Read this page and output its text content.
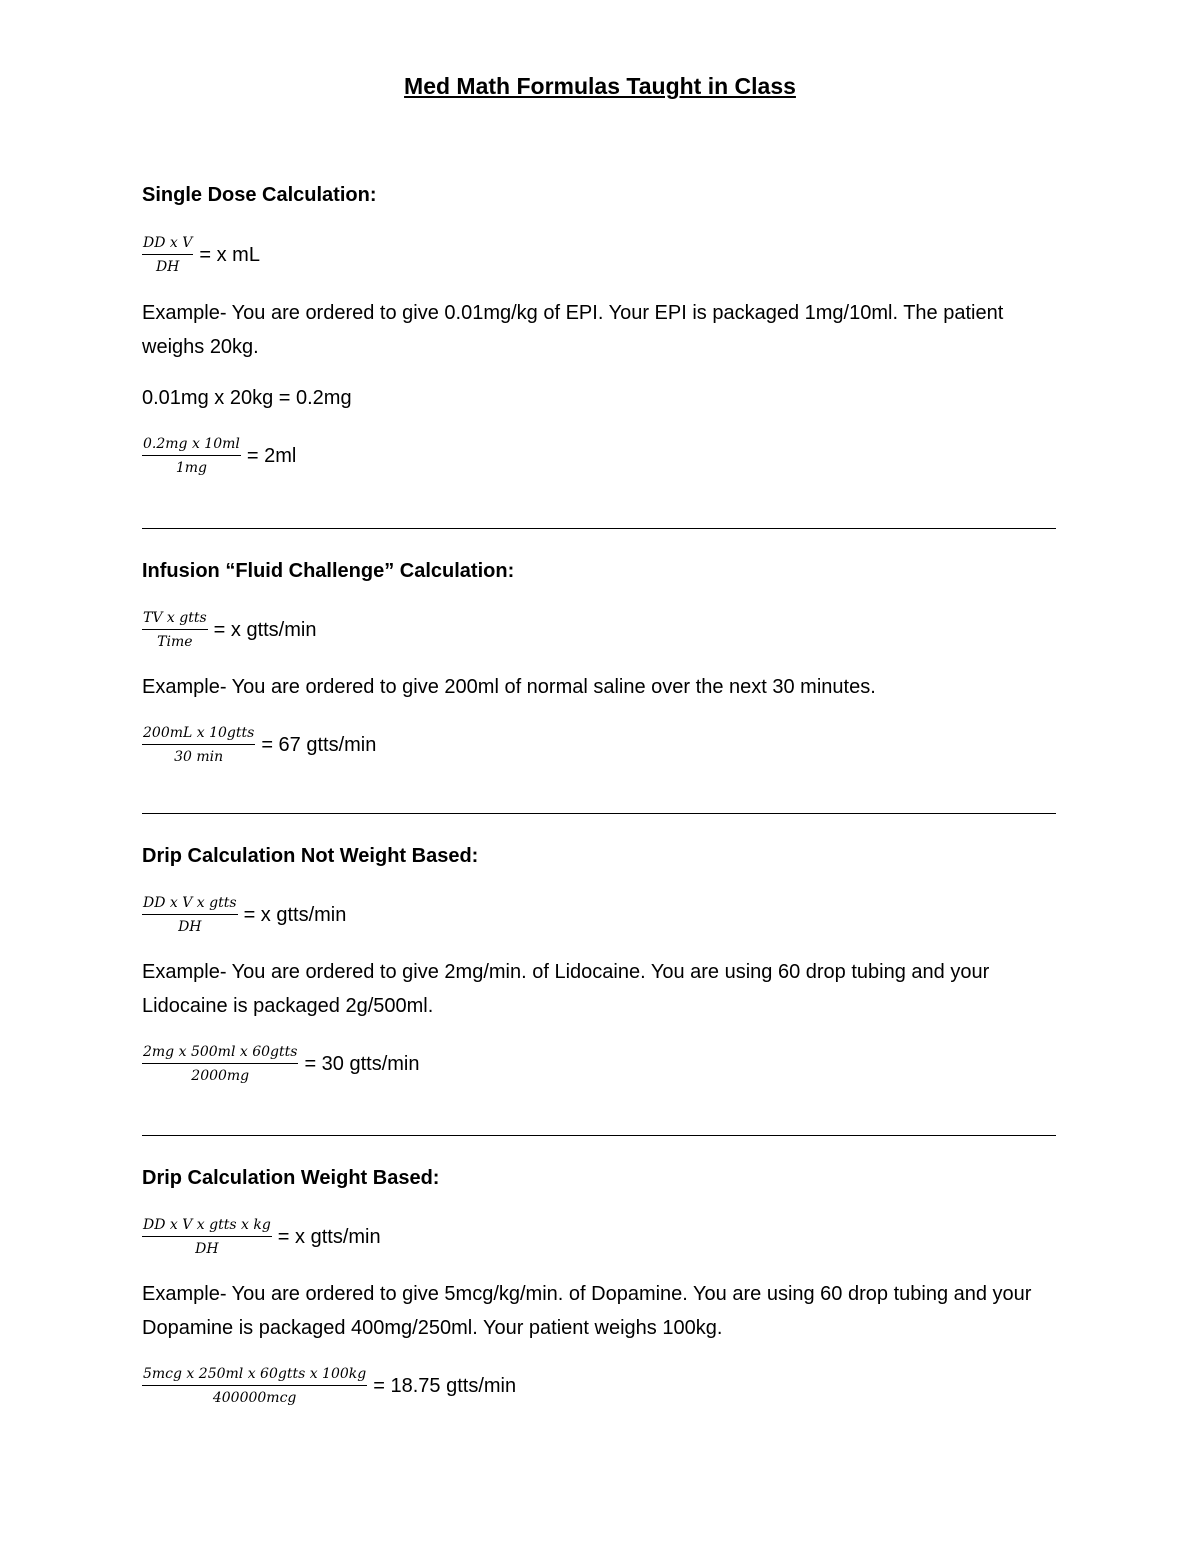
Med Math Formulas Taught in Class
Single Dose Calculation:
$\frac{\text{DD x V}}{DH} = x$ mL
Example- You are ordered to give 0.01mg/kg of EPI. Your EPI is packaged 1mg/10ml. The patient weighs 20kg.
0.01mg x 20kg = 0.2mg
$\frac{\text{0.2mg x 10ml}}{1mg} = 2ml$
Infusion “Fluid Challenge” Calculation:
$\frac{\text{TV x gtts}}{\text{Time}} = x$ gtts/min
Example- You are ordered to give 200ml of normal saline over the next 30 minutes.
$\frac{\text{200mL x 10gtts}}{30 \min} = 67$ gtts/min
Drip Calculation Not Weight Based:
$\frac{\text{DD x V x gtts}}{DH} = x$ gtts/min
Example- You are ordered to give 2mg/min. of Lidocaine. You are using 60 drop tubing and your Lidocaine is packaged 2g/500ml.
$\frac{\text{2mg x 500ml x 60gtts}}{2000mg} = 30$ gtts/min
Drip Calculation Weight Based:
$\frac{\text{DD x V x gtts x kg}}{DH} = x$ gtts/min
Example- You are ordered to give 5mcg/kg/min. of Dopamine. You are using 60 drop tubing and your Dopamine is packaged 400mg/250ml. Your patient weighs 100kg.
$\frac{\text{5mcg x 250ml x 60gtts x 100kg}}{\text{400000mcg}} = 18.75$ gtts/min
